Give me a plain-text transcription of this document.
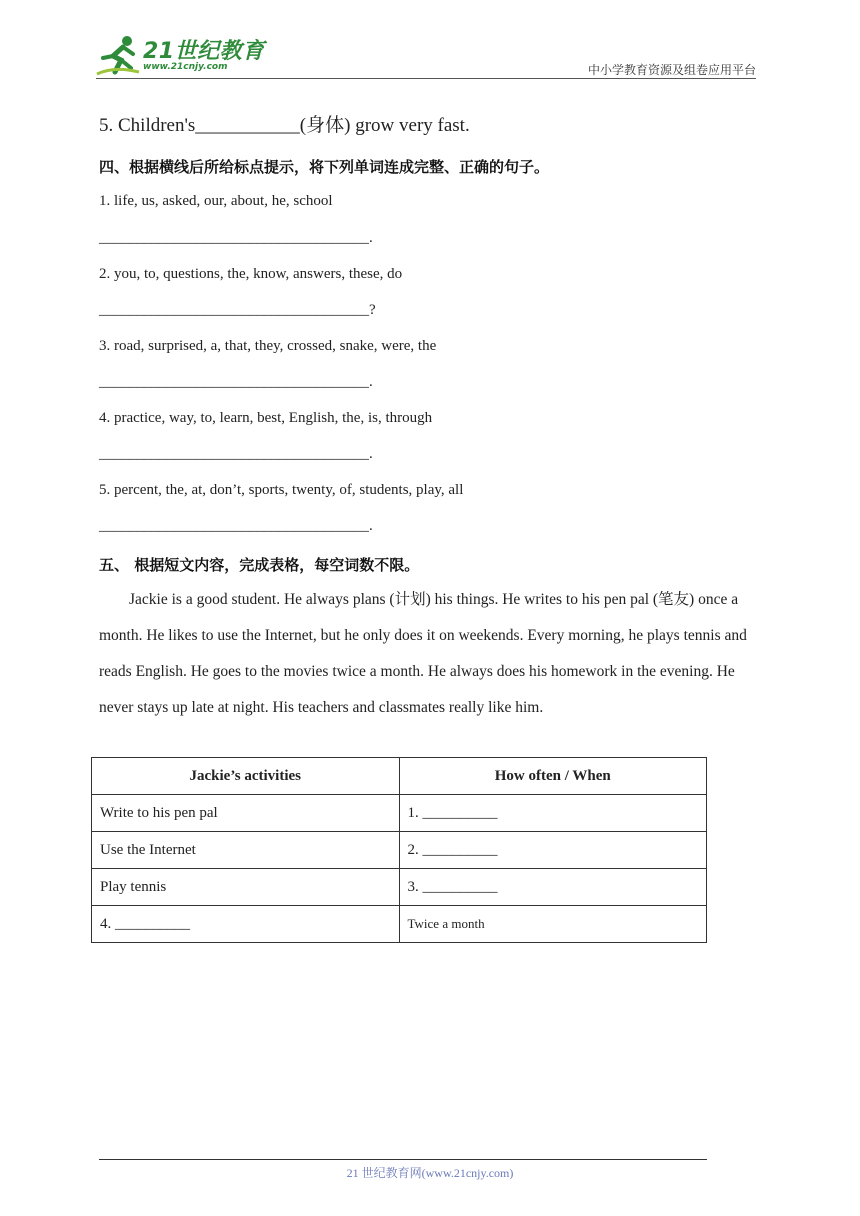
21世纪教育
www.21cnjy.com	中小学教育资源及组卷应用平台
5. Children's___________(身体) grow very fast.
四、根据横线后所给标点提示，将下列单词连成完整、正确的句子。
1. life, us, asked, our, about, he, school
____________________________________.
2. you, to, questions, the, know, answers, these, do
____________________________________?
3. road, surprised, a, that, they, crossed, snake, were, the
____________________________________.
4. practice, way, to, learn, best, English, the, is, through
____________________________________.
5. percent, the, at, don’t, sports, twenty, of, students, play, all
____________________________________.
五、 根据短文内容，完成表格，每空词数不限。

Jackie is a good student. He always plans (计划) his things. He writes to his pen pal (笔友) once a month. He likes to use the Internet, but he only does it on weekends. Every morning, he plays tennis and reads English. He goes to the movies twice a month. He always does his homework in the evening. He never stays up late at night. His teachers and classmates really like him.

Jackie’s activities	How often / When
Write to his pen pal	1. __________
Use the Internet	2. __________
Play tennis	3. __________
4. __________	Twice a month
21 世纪教育网(www.21cnjy.com)
